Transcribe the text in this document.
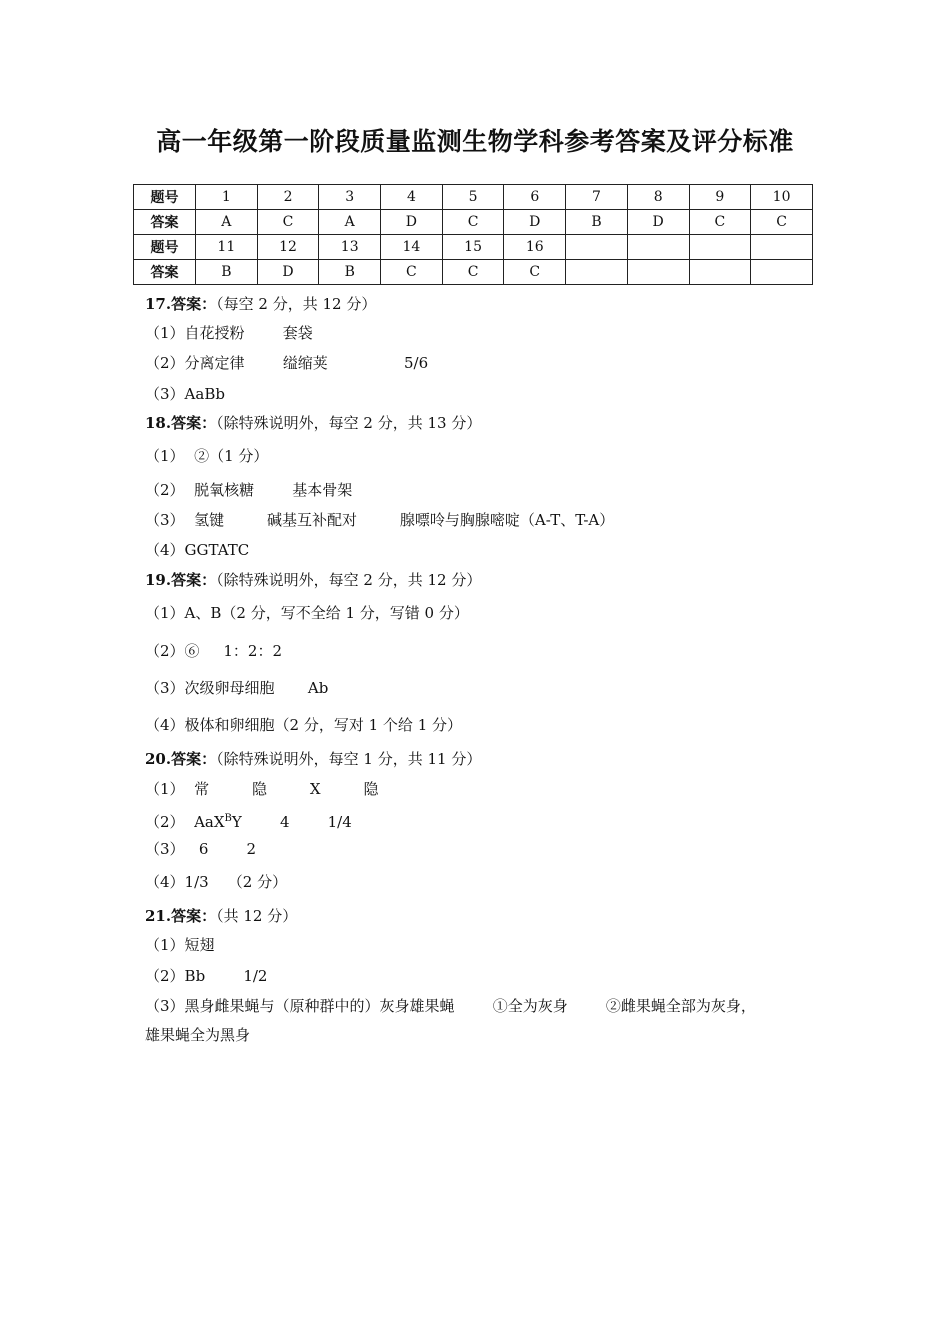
高一年级第一阶段质量监测生物学科参考答案及评分标准
题号	1	2	3	4	5	6	7	8	9	10
答案	A	C	A	D	C	D	B	D	C	C
题号	11	12	13	14	15	16				
答案	B	D	B	C	C	C				
17.答案：（每空 2 分，共 12 分）
（1）自花授粉        套袋
（2）分离定律        缢缩荚                5/6
（3）AaBb
18.答案：（除特殊说明外，每空 2 分，共 13 分）
（1）  ②（1 分）
（2）  脱氧核糖        基本骨架
（3）  氢键         碱基互补配对         腺嘌呤与胸腺嘧啶（A-T、T-A）
（4）GGTATC
19.答案：（除特殊说明外，每空 2 分，共 12 分）
（1）A、B（2 分，写不全给 1 分，写错 0 分）
（2）⑥     1：2：2
（3）次级卵母细胞       Ab
（4）极体和卵细胞（2 分，写对 1 个给 1 分）
20.答案：（除特殊说明外，每空 1 分，共 11 分）
（1）  常         隐         X         隐
（2）  AaX$^B$Y        4        1/4
（3）   6        2
（4）1/3    （2 分）
21.答案：（共 12 分）
（1）短翅
（2）Bb        1/2
（3）黑身雌果蝇与（原种群中的）灰身雄果蝇        ①全为灰身        ②雌果蝇全部为灰身，
雄果蝇全为黑身
